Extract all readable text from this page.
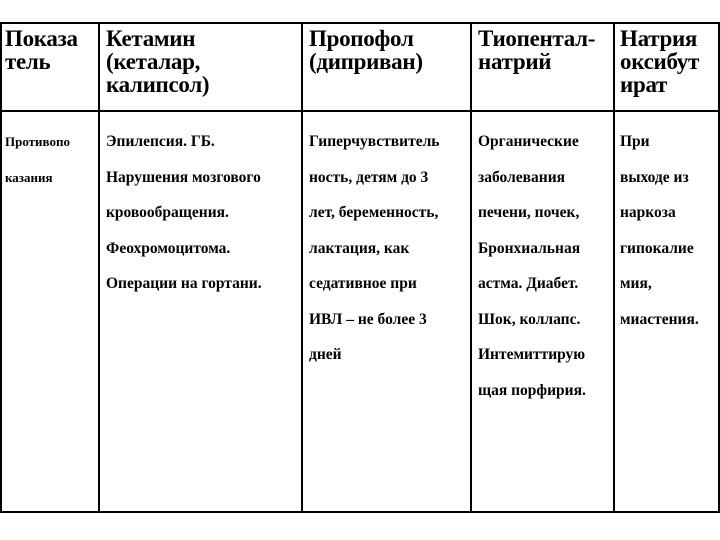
Показа
тель
Кетамин
(кеталар,
калипсол)
Пропофол
(диприван)
Тиопентал-
натрий
Натрия
оксибут
ират
Противопо
казания
Эпилепсия. ГБ.
Нарушения мозгового
кровообращения.
Феохромоцитома.
Операции на гортани.
Гиперчувствитель
ность, детям до 3
лет, беременность,
лактация, как
седативное при
ИВЛ – не более 3
дней
Органические
заболевания
печени, почек,
Бронхиальная
астма. Диабет.
Шок, коллапс.
Интемиттирую
щая порфирия.
При
выходе из
наркоза
гипокалие
мия,
миастения.
